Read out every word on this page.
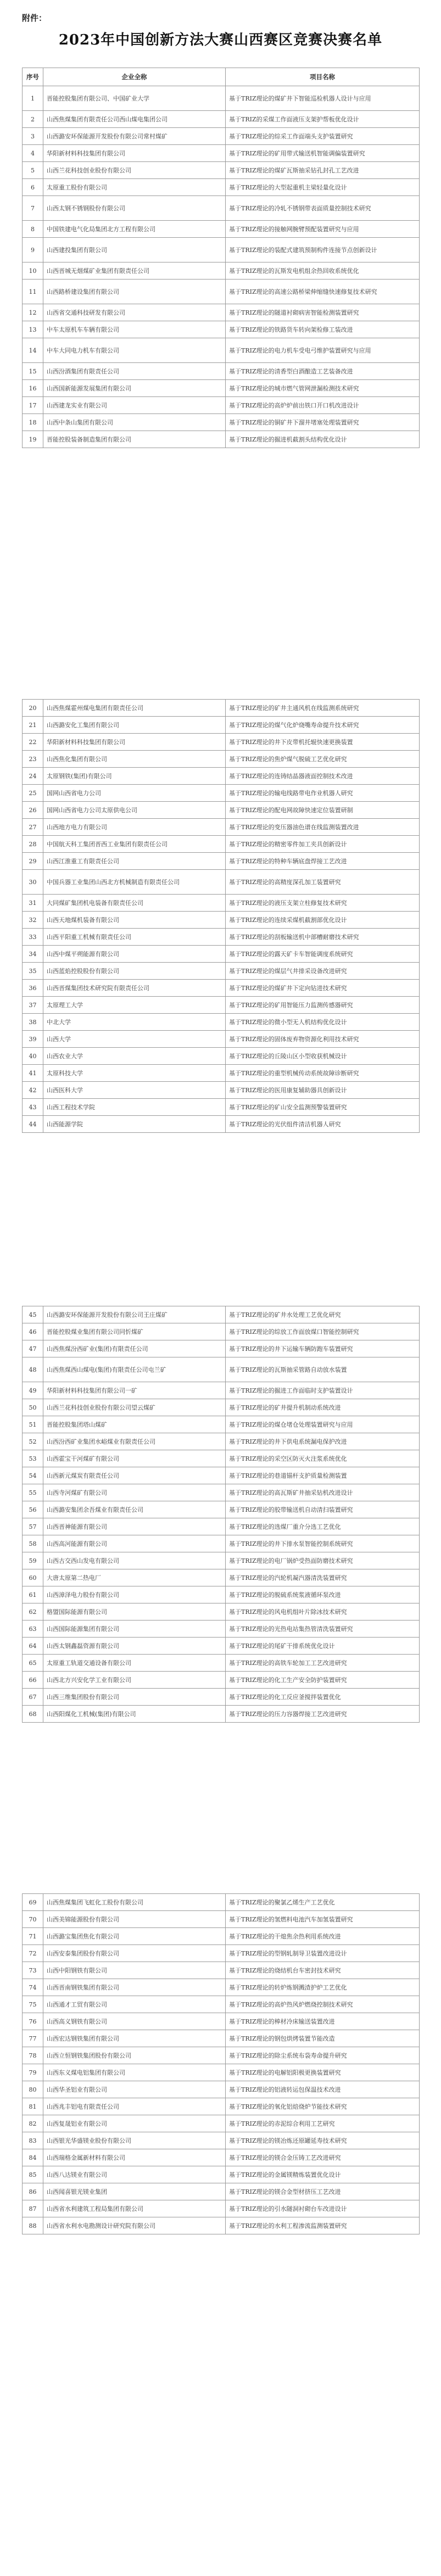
附件：
2023年中国创新方法大赛山西赛区竞赛决赛名单
序号	企业全称	项目名称
1	晋能控股集团有限公司、中国矿业大学	基于TRIZ理论的煤矿井下智能巡检机器人设计与应用
2	山西焦煤集团有限责任公司西山煤电集团公司	基于TRIZ的采煤工作面液压支架护帮板优化设计
3	山西潞安环保能源开发股份有限公司常村煤矿	基于TRIZ理论的综采工作面端头支护装置研究
4	华阳新材料科技集团有限公司	基于TRIZ理论的矿用带式输送机智能调偏装置研究
5	山西兰花科技创业股份有限公司	基于TRIZ理论的煤矿瓦斯抽采钻孔封孔工艺改进
6	太原重工股份有限公司	基于TRIZ理论的大型起重机主梁轻量化设计
7	山西太钢不锈钢股份有限公司	基于TRIZ理论的冷轧不锈钢带表面质量控制技术研究
8	中国铁建电气化局集团北方工程有限公司	基于TRIZ理论的接触网腕臂预配装置研究与应用
9	山西建投集团有限公司	基于TRIZ理论的装配式建筑预制构件连接节点创新设计
10	山西晋城无烟煤矿业集团有限责任公司	基于TRIZ理论的瓦斯发电机组余热回收系统优化
11	山西路桥建设集团有限公司	基于TRIZ理论的高速公路桥梁伸缩缝快速修复技术研究
12	山西省交通科技研发有限公司	基于TRIZ理论的隧道衬砌病害智能检测装置研究
13	中车太原机车车辆有限公司	基于TRIZ理论的铁路货车转向架检修工装改进
14	中车大同电力机车有限公司	基于TRIZ理论的电力机车受电弓维护装置研究与应用
15	山西汾酒集团有限责任公司	基于TRIZ理论的清香型白酒酿造工艺装备改进
16	山西国新能源发展集团有限公司	基于TRIZ理论的城市燃气管网泄漏检测技术研究
17	山西建龙实业有限公司	基于TRIZ理论的高炉炉前出铁口开口机改进设计
18	山西中条山集团有限公司	基于TRIZ理论的铜矿井下溜井堵塞处理装置研究
19	晋能控股装备制造集团有限公司	基于TRIZ理论的掘进机截割头结构优化设计
20	山西焦煤霍州煤电集团有限责任公司	基于TRIZ理论的矿井主通风机在线监测系统研究
21	山西潞安化工集团有限公司	基于TRIZ理论的煤气化炉烧嘴寿命提升技术研究
22	华阳新材料科技集团有限公司	基于TRIZ理论的井下皮带机托辊快速更换装置
23	山西焦化集团有限公司	基于TRIZ理论的焦炉煤气脱硫工艺优化研究
24	太原钢铁(集团)有限公司	基于TRIZ理论的连铸结晶器液面控制技术改进
25	国网山西省电力公司	基于TRIZ理论的输电线路带电作业机器人研究
26	国网山西省电力公司太原供电公司	基于TRIZ理论的配电网故障快速定位装置研制
27	山西地方电力有限公司	基于TRIZ理论的变压器油色谱在线监测装置改进
28	中国航天科工集团晋西工业集团有限责任公司	基于TRIZ理论的精密零件加工夹具创新设计
29	山西江淮重工有限责任公司	基于TRIZ理论的特种车辆底盘焊接工艺改进
30	中国兵器工业集团山西北方机械制造有限责任公司	基于TRIZ理论的高精度深孔加工装置研究
31	大同煤矿集团机电装备有限责任公司	基于TRIZ理论的液压支架立柱修复技术研究
32	山西天地煤机装备有限公司	基于TRIZ理论的连续采煤机截割部优化设计
33	山西平阳重工机械有限责任公司	基于TRIZ理论的刮板输送机中部槽耐磨技术研究
34	山西中煤平朔能源有限公司	基于TRIZ理论的露天矿卡车智能调度系统研究
35	山西蓝焰控股股份有限公司	基于TRIZ理论的煤层气井排采设备改进研究
36	山西晋煤集团技术研究院有限责任公司	基于TRIZ理论的煤矿井下定向钻进技术研究
37	太原理工大学	基于TRIZ理论的矿用智能压力监测传感器研究
38	中北大学	基于TRIZ理论的微小型无人机结构优化设计
39	山西大学	基于TRIZ理论的固体废弃物资源化利用技术研究
40	山西农业大学	基于TRIZ理论的丘陵山区小型收获机械设计
41	太原科技大学	基于TRIZ理论的重型机械传动系统故障诊断研究
42	山西医科大学	基于TRIZ理论的医用康复辅助器具创新设计
43	山西工程技术学院	基于TRIZ理论的矿山安全监测预警装置研究
44	山西能源学院	基于TRIZ理论的光伏组件清洁机器人研究
45	山西潞安环保能源开发股份有限公司王庄煤矿	基于TRIZ理论的矿井水处理工艺优化研究
46	晋能控股煤业集团有限公司同忻煤矿	基于TRIZ理论的综放工作面放煤口智能控制研究
47	山西焦煤汾西矿业(集团)有限责任公司	基于TRIZ理论的井下运输车辆防跑车装置研究
48	山西焦煤西山煤电(集团)有限责任公司屯兰矿	基于TRIZ理论的瓦斯抽采管路自动放水装置
49	华阳新材料科技集团有限公司一矿	基于TRIZ理论的掘进工作面临时支护装置设计
50	山西兰花科技创业股份有限公司望云煤矿	基于TRIZ理论的矿井提升机制动系统改进
51	晋能控股集团塔山煤矿	基于TRIZ理论的煤仓堵仓处理装置研究与应用
52	山西汾西矿业集团水峪煤业有限责任公司	基于TRIZ理论的井下供电系统漏电保护改进
53	山西霍宝干河煤矿有限公司	基于TRIZ理论的采空区防灭火注浆系统优化
54	山西新元煤炭有限责任公司	基于TRIZ理论的巷道锚杆支护质量检测装置
55	山西寺河煤矿有限公司	基于TRIZ理论的高瓦斯矿井抽采钻机改进设计
56	山西潞安集团余吾煤业有限责任公司	基于TRIZ理论的胶带输送机自动清扫装置研究
57	山西晋神能源有限公司	基于TRIZ理论的选煤厂重介分选工艺优化
58	山西高河能源有限公司	基于TRIZ理论的井下排水泵智能控制系统研究
59	山西古交西山发电有限公司	基于TRIZ理论的电厂锅炉受热面防磨技术研究
60	大唐太原第二热电厂	基于TRIZ理论的汽轮机凝汽器清洗装置研究
61	山西漳泽电力股份有限公司	基于TRIZ理论的脱硫系统浆液循环泵改进
62	格盟国际能源有限公司	基于TRIZ理论的风电机组叶片除冰技术研究
63	山西国际能源集团有限公司	基于TRIZ理论的光热电站集热管清洗装置研究
64	山西太钢鑫磊资源有限公司	基于TRIZ理论的尾矿干排系统优化设计
65	太原重工轨道交通设备有限公司	基于TRIZ理论的高铁车轮加工工艺改进研究
66	山西北方兴安化学工业有限公司	基于TRIZ理论的化工生产安全防护装置研究
67	山西三维集团股份有限公司	基于TRIZ理论的化工反应釜搅拌装置优化
68	山西阳煤化工机械(集团)有限公司	基于TRIZ理论的压力容器焊接工艺改进研究
69	山西焦煤集团飞虹化工股份有限公司	基于TRIZ理论的聚氯乙烯生产工艺优化
70	山西美锦能源股份有限公司	基于TRIZ理论的氢燃料电池汽车加氢装置研究
71	山西潞宝集团焦化有限公司	基于TRIZ理论的干熄焦余热利用系统改进
72	山西安泰集团股份有限公司	基于TRIZ理论的型钢轧制导卫装置改进设计
73	山西中阳钢铁有限公司	基于TRIZ理论的烧结机台车密封技术研究
74	山西晋南钢铁集团有限公司	基于TRIZ理论的转炉炼钢溅渣护炉工艺优化
75	山西通才工贸有限公司	基于TRIZ理论的高炉热风炉燃烧控制技术研究
76	山西高义钢铁有限公司	基于TRIZ理论的棒材冷床输送装置改进
77	山西宏达钢铁集团有限公司	基于TRIZ理论的钢包烘烤装置节能改造
78	山西立恒钢铁集团股份有限公司	基于TRIZ理论的除尘系统布袋寿命提升研究
79	山西东义煤电铝集团有限公司	基于TRIZ理论的电解铝阳极更换装置研究
80	山西华圣铝业有限公司	基于TRIZ理论的铝液转运包保温技术改进
81	山西兆丰铝电有限责任公司	基于TRIZ理论的氧化铝焙烧炉节能技术研究
82	山西复晟铝业有限公司	基于TRIZ理论的赤泥综合利用工艺研究
83	山西银光华盛镁业股份有限公司	基于TRIZ理论的镁冶炼还原罐延寿技术研究
84	山西瑞格金属新材料有限公司	基于TRIZ理论的镁合金压铸工艺改进研究
85	山西八达镁业有限公司	基于TRIZ理论的金属镁精炼装置优化设计
86	山西闻喜银光镁业集团	基于TRIZ理论的镁合金型材挤压工艺改进
87	山西省水利建筑工程局集团有限公司	基于TRIZ理论的引水隧洞衬砌台车改进设计
88	山西省水利水电勘测设计研究院有限公司	基于TRIZ理论的水利工程渗流监测装置研究
